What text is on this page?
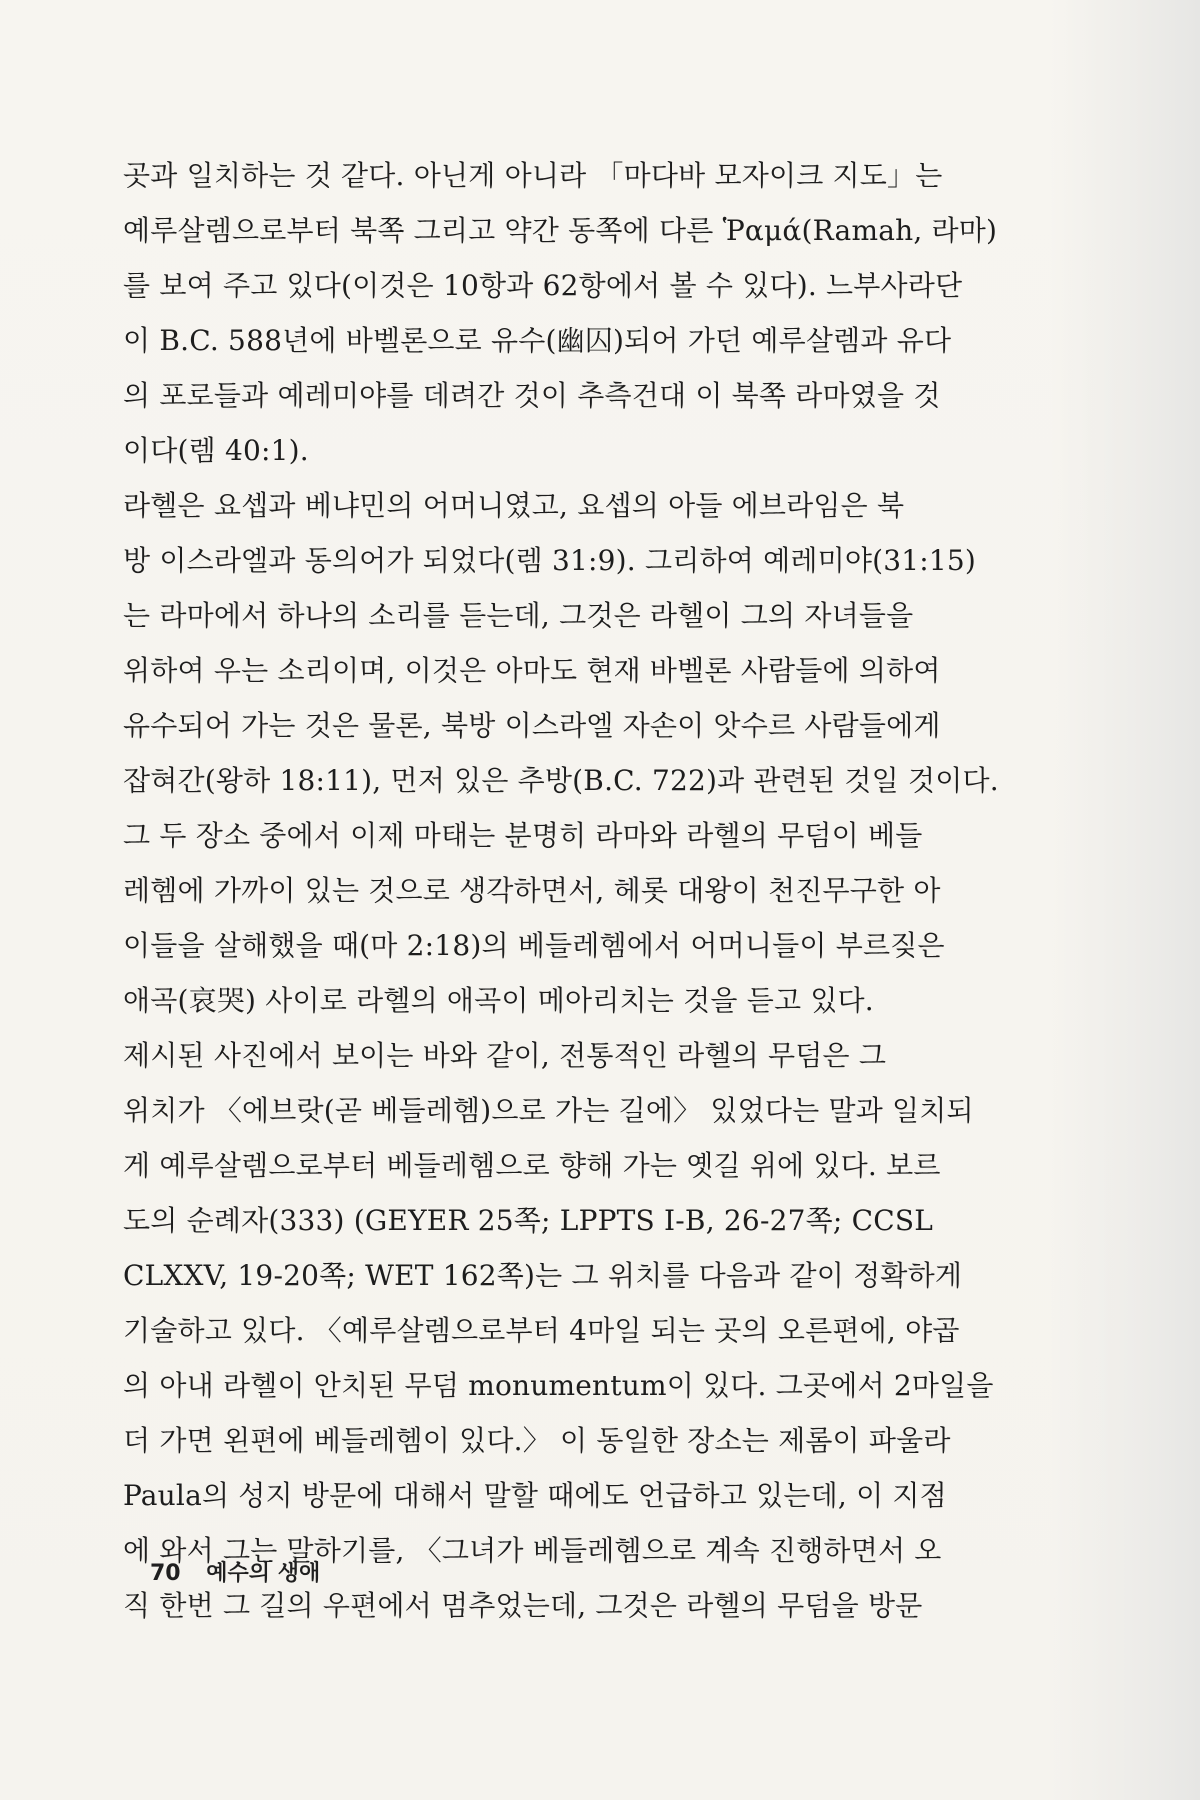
곳과 일치하는 것 같다. 아닌게 아니라 「마다바 모자이크 지도」는
예루살렘으로부터 북쪽 그리고 약간 동쪽에 다른 Ῥαμά(Ramah, 라마)
를 보여 주고 있다(이것은 10항과 62항에서 볼 수 있다). 느부사라단
이 B.C. 588년에 바벨론으로 유수(幽囚)되어 가던 예루살렘과 유다
의 포로들과 예레미야를 데려간 것이 추측건대 이 북쪽 라마였을 것
이다(렘 40:1).
라헬은 요셉과 베냐민의 어머니였고, 요셉의 아들 에브라임은 북
방 이스라엘과 동의어가 되었다(렘 31:9). 그리하여 예레미야(31:15)
는 라마에서 하나의 소리를 듣는데, 그것은 라헬이 그의 자녀들을
위하여 우는 소리이며, 이것은 아마도 현재 바벨론 사람들에 의하여
유수되어 가는 것은 물론, 북방 이스라엘 자손이 앗수르 사람들에게
잡혀간(왕하 18:11), 먼저 있은 추방(B.C. 722)과 관련된 것일 것이다.
그 두 장소 중에서 이제 마태는 분명히 라마와 라헬의 무덤이 베들
레헴에 가까이 있는 것으로 생각하면서, 헤롯 대왕이 천진무구한 아
이들을 살해했을 때(마 2:18)의 베들레헴에서 어머니들이 부르짖은
애곡(哀哭) 사이로 라헬의 애곡이 메아리치는 것을 듣고 있다.
제시된 사진에서 보이는 바와 같이, 전통적인 라헬의 무덤은 그
위치가 〈에브랏(곧 베들레헴)으로 가는 길에〉 있었다는 말과 일치되
게 예루살렘으로부터 베들레헴으로 향해 가는 옛길 위에 있다. 보르
도의 순례자(333) (GEYER 25쪽; LPPTS I-B, 26-27쪽; CCSL
CLXXV, 19-20쪽; WET 162쪽)는 그 위치를 다음과 같이 정확하게
기술하고 있다. 〈예루살렘으로부터 4마일 되는 곳의 오른편에, 야곱
의 아내 라헬이 안치된 무덤 monumentum이 있다. 그곳에서 2마일을
더 가면 왼편에 베들레헴이 있다.〉 이 동일한 장소는 제롬이 파울라
Paula의 성지 방문에 대해서 말할 때에도 언급하고 있는데, 이 지점
에 와서 그는 말하기를, 〈그녀가 베들레헴으로 계속 진행하면서 오
직 한번 그 길의 우편에서 멈추었는데, 그것은 라헬의 무덤을 방문
70 예수의 생애
